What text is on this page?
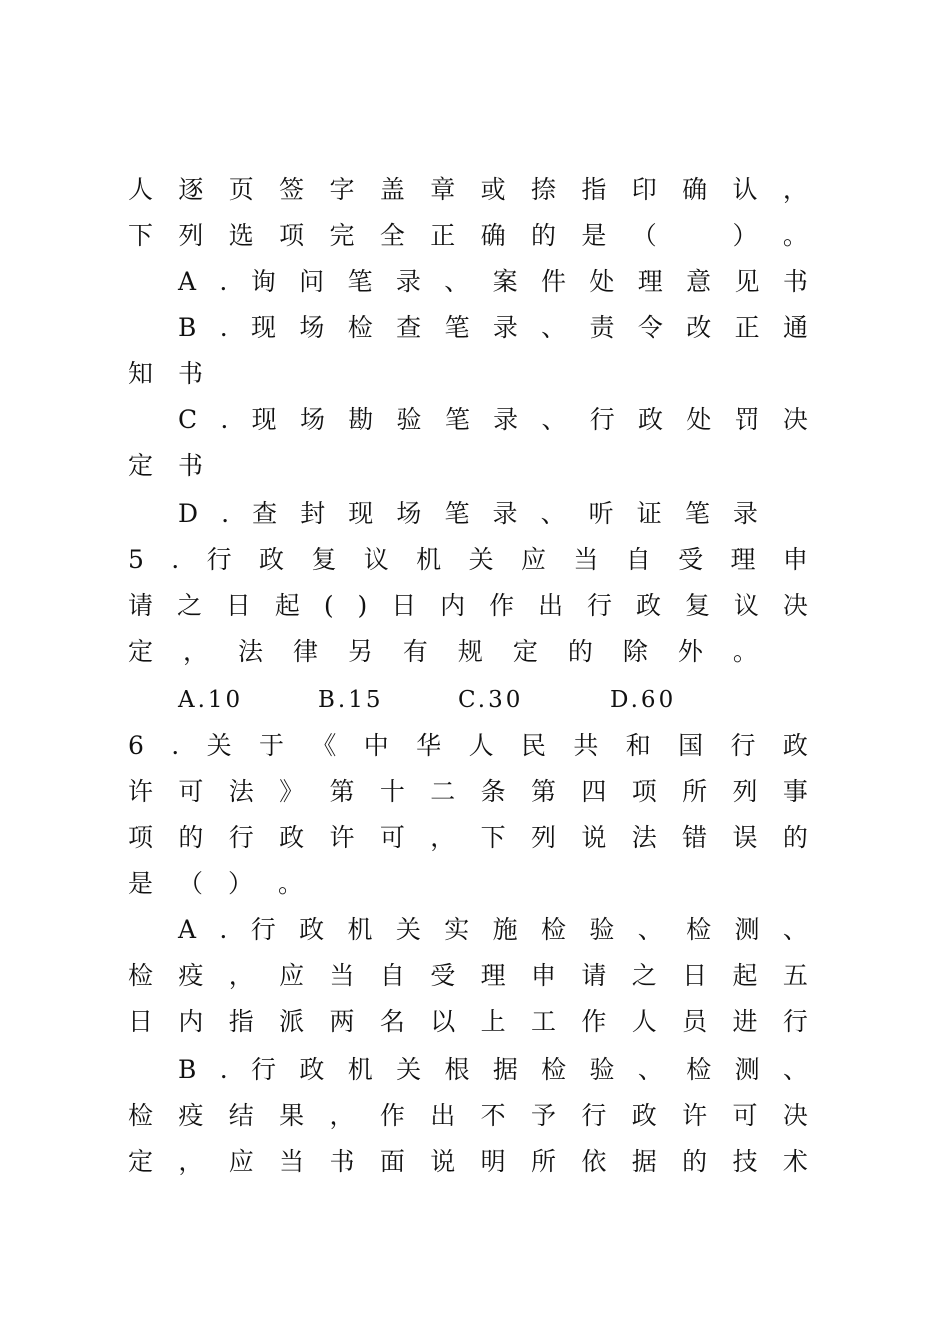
人 逐 页 签 字 盖 章 或 捺 指 印 确 认 ，
下 列 选 项 完 全 正 确 的 是 （
　	） 。
A . 询 问 笔 录 、 案 件 处 理 意 见 书
B . 现 场 检 查 笔 录 、 责 令 改 正 通
知 书
C . 现 场 勘 验 笔 录 、 行 政 处 罚 决
定 书
D . 查 封 现 场 笔 录 、 听 证 笔 录
5 . 行 政 复 议 机 关 应 当 自 受 理 申
请 之 日 起 ( ) 日 内 作 出 行 政 复 议 决
定 ， 法 律 另 有 规 定 的 除 外 。
A.10	B.15	C.30	D.60
6 . 关 于 《 中 华 人 民 共 和 国 行 政
许 可 法 》 第 十 二 条 第 四 项 所 列 事
项 的 行 政 许 可 ， 下 列 说 法 错 误 的
是 （ ） 。
A . 行 政 机 关 实 施 检 验 、 检 测 、
检 疫 ， 应 当 自 受 理 申 请 之 日 起 五
日 内 指 派 两 名 以 上 工 作 人 员 进 行
B . 行 政 机 关 根 据 检 验 、 检 测 、
检 疫 结 果 ， 作 出 不 予 行 政 许 可 决
定 ， 应 当 书 面 说 明 所 依 据 的 技 术
